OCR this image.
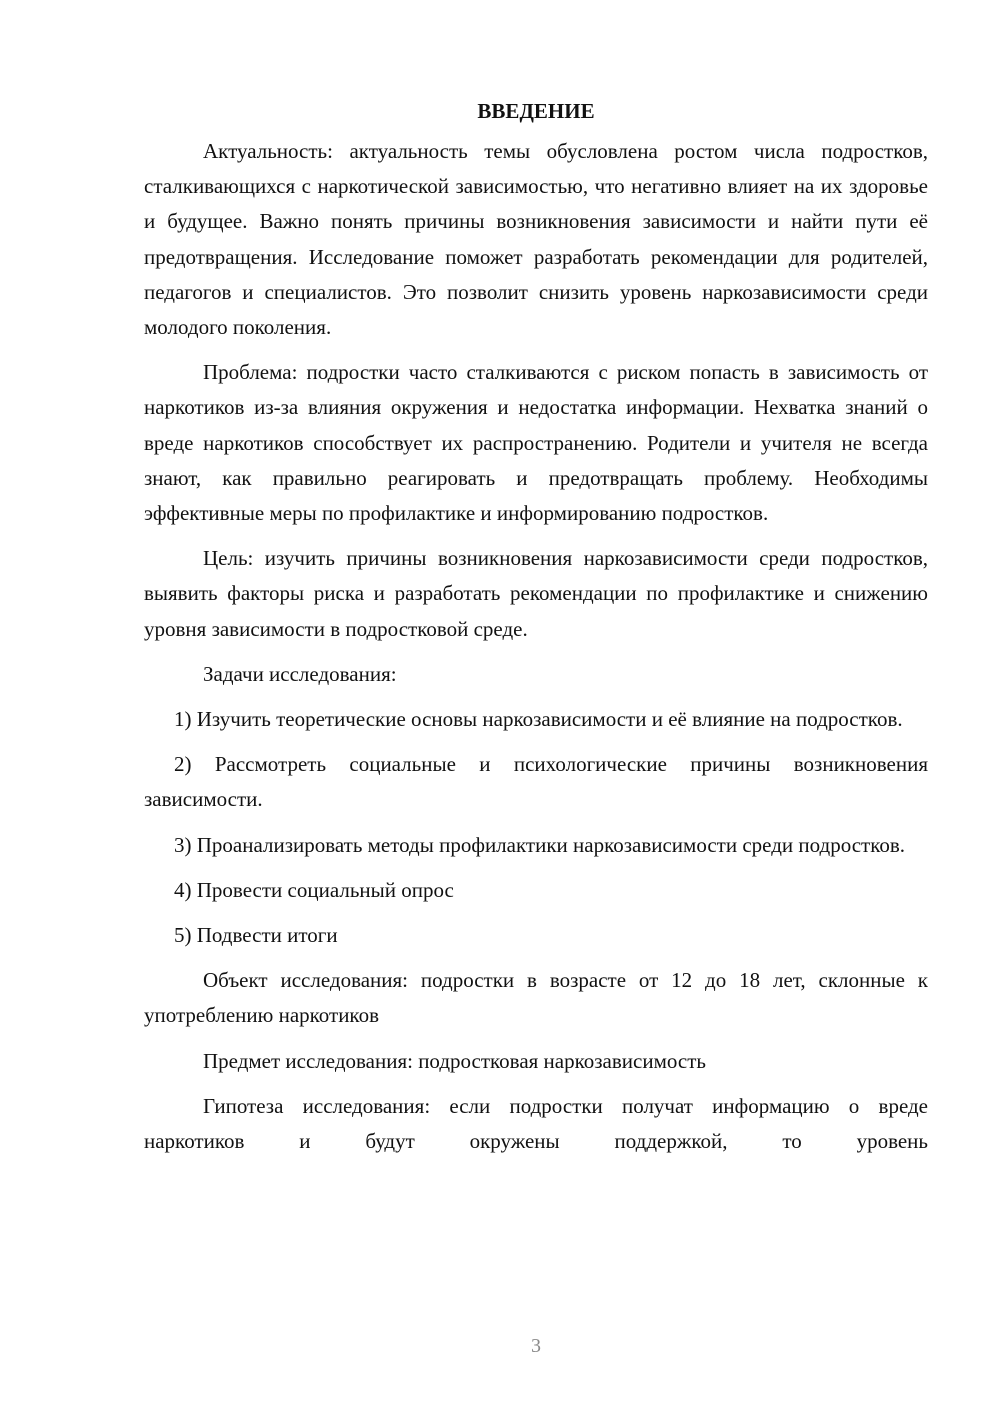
ВВЕДЕНИЕ

Актуальность: актуальность темы обусловлена ростом числа подростков, сталкивающихся с наркотической зависимостью, что негативно влияет на их здоровье и будущее. Важно понять причины возникновения зависимости и найти пути её предотвращения. Исследование поможет разработать рекомендации для родителей, педагогов и специалистов. Это позволит снизить уровень наркозависимости среди молодого поколения.

Проблема: подростки часто сталкиваются с риском попасть в зависимость от наркотиков из-за влияния окружения и недостатка информации. Нехватка знаний о вреде наркотиков способствует их распространению. Родители и учителя не всегда знают, как правильно реагировать и предотвращать проблему. Необходимы эффективные меры по профилактике и информированию подростков.

Цель: изучить причины возникновения наркозависимости среди подростков, выявить факторы риска и разработать рекомендации по профилактике и снижению уровня зависимости в подростковой среде.

Задачи исследования:

1) Изучить теоретические основы наркозависимости и её влияние на подростков.

2) Рассмотреть социальные и психологические причины возникновения зависимости.

3) Проанализировать методы профилактики наркозависимости среди подростков.

4) Провести социальный опрос

5) Подвести итоги

Объект исследования: подростки в возрасте от 12 до 18 лет, склонные к употреблению наркотиков

Предмет исследования: подростковая наркозависимость

Гипотеза исследования: если подростки получат информацию о вреде наркотиков и будут окружены поддержкой, то уровень

3
